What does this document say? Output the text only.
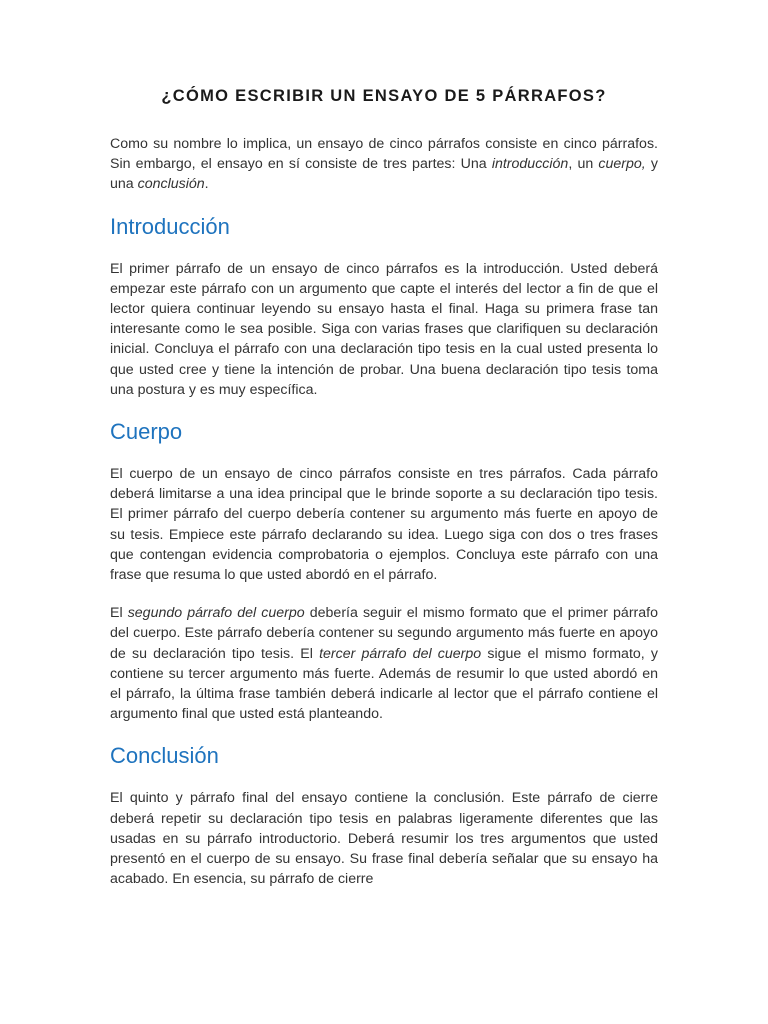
¿CÓMO ESCRIBIR UN ENSAYO DE 5 PÁRRAFOS?

Como su nombre lo implica, un ensayo de cinco párrafos consiste en cinco párrafos. Sin embargo, el ensayo en sí consiste de tres partes: Una introducción, un cuerpo, y una conclusión.

Introducción

El primer párrafo de un ensayo de cinco párrafos es la introducción. Usted deberá empezar este párrafo con un argumento que capte el interés del lector a fin de que el lector quiera continuar leyendo su ensayo hasta el final. Haga su primera frase tan interesante como le sea posible. Siga con varias frases que clarifiquen su declaración inicial. Concluya el párrafo con una declaración tipo tesis en la cual usted presenta lo que usted cree y tiene la intención de probar. Una buena declaración tipo tesis toma una postura y es muy específica.

Cuerpo

El cuerpo de un ensayo de cinco párrafos consiste en tres párrafos. Cada párrafo deberá limitarse a una idea principal que le brinde soporte a su declaración tipo tesis. El primer párrafo del cuerpo debería contener su argumento más fuerte en apoyo de su tesis. Empiece este párrafo declarando su idea. Luego siga con dos o tres frases que contengan evidencia comprobatoria o ejemplos. Concluya este párrafo con una frase que resuma lo que usted abordó en el párrafo.

El segundo párrafo del cuerpo debería seguir el mismo formato que el primer párrafo del cuerpo. Este párrafo debería contener su segundo argumento más fuerte en apoyo de su declaración tipo tesis. El tercer párrafo del cuerpo sigue el mismo formato, y contiene su tercer argumento más fuerte. Además de resumir lo que usted abordó en el párrafo, la última frase también deberá indicarle al lector que el párrafo contiene el argumento final que usted está planteando.

Conclusión

El quinto y párrafo final del ensayo contiene la conclusión. Este párrafo de cierre deberá repetir su declaración tipo tesis en palabras ligeramente diferentes que las usadas en su párrafo introductorio. Deberá resumir los tres argumentos que usted presentó en el cuerpo de su ensayo. Su frase final debería señalar que su ensayo ha acabado. En esencia, su párrafo de cierre
